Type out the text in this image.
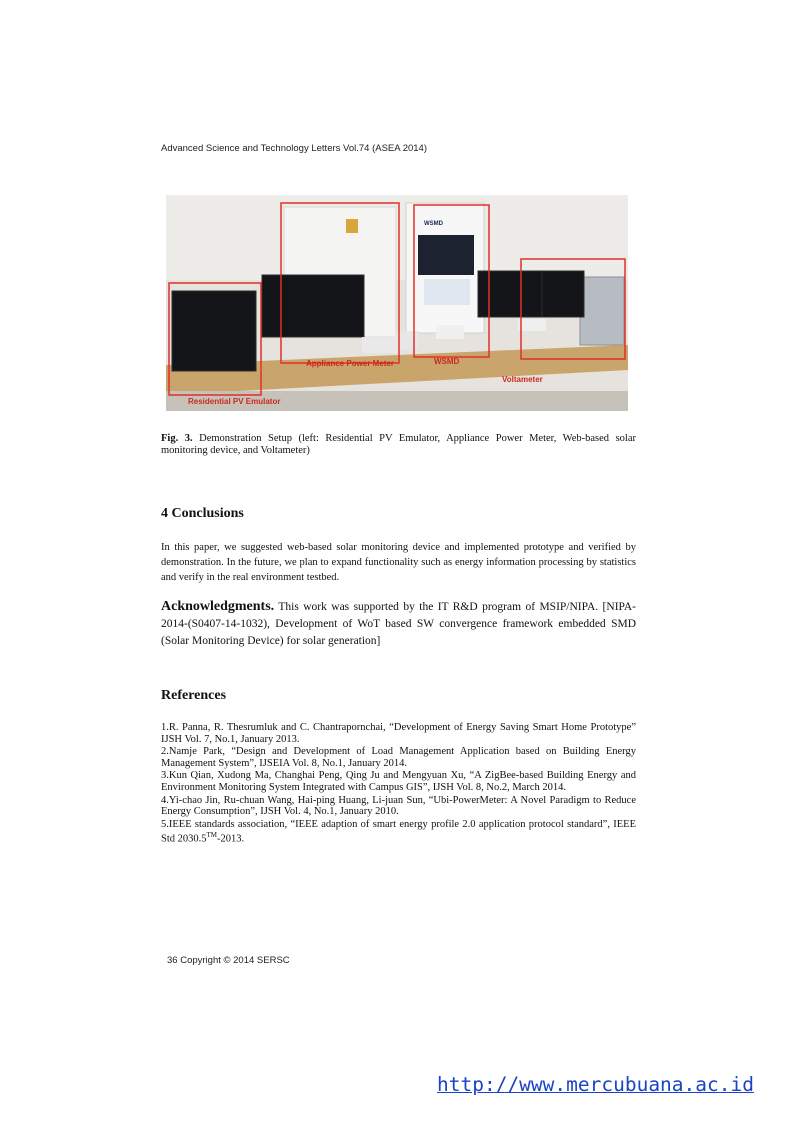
Advanced Science and Technology Letters Vol.74 (ASEA 2014)
Residential PV Emulator
Appliance Power Meter	WSMD
Voltameter
WSMD
Fig. 3. Demonstration Setup (left: Residential PV Emulator, Appliance Power Meter, Web-based solar monitoring device, and Voltameter)
4 Conclusions
In this paper, we suggested web-based solar monitoring device and implemented prototype and verified by demonstration. In the future, we plan to expand functionality such as energy information processing by statistics and verify in the real environment testbed.
Acknowledgments. This work was supported by the IT R&D program of MSIP/NIPA. [NIPA-2014-(S0407-14-1032), Development of WoT based SW convergence framework embedded SMD (Solar Monitoring Device) for solar generation]
References

1.R. Panna, R. Thesrumluk and C. Chantrapornchai, “Development of Energy Saving Smart Home Prototype” IJSH Vol. 7, No.1, January 2013.

2.Namje Park, “Design and Development of Load Management Application based on Building Energy Management System”, IJSEIA Vol. 8, No.1, January 2014.

3.Kun Qian, Xudong Ma, Changhai Peng, Qing Ju and Mengyuan Xu, “A ZigBee-based Building Energy and Environment Monitoring System Integrated with Campus GIS”, IJSH Vol. 8, No.2, March 2014.

4.Yi-chao Jin, Ru-chuan Wang, Hai-ping Huang, Li-juan Sun, “Ubi-PowerMeter: A Novel Paradigm to Reduce Energy Consumption”, IJSH Vol. 4, No.1, January 2010.

5.IEEE standards association, “IEEE adaption of smart energy profile 2.0 application protocol standard”, IEEE Std 2030.5™-2013.

36 Copyright © 2014 SERSC
http://www.mercubuana.ac.id
